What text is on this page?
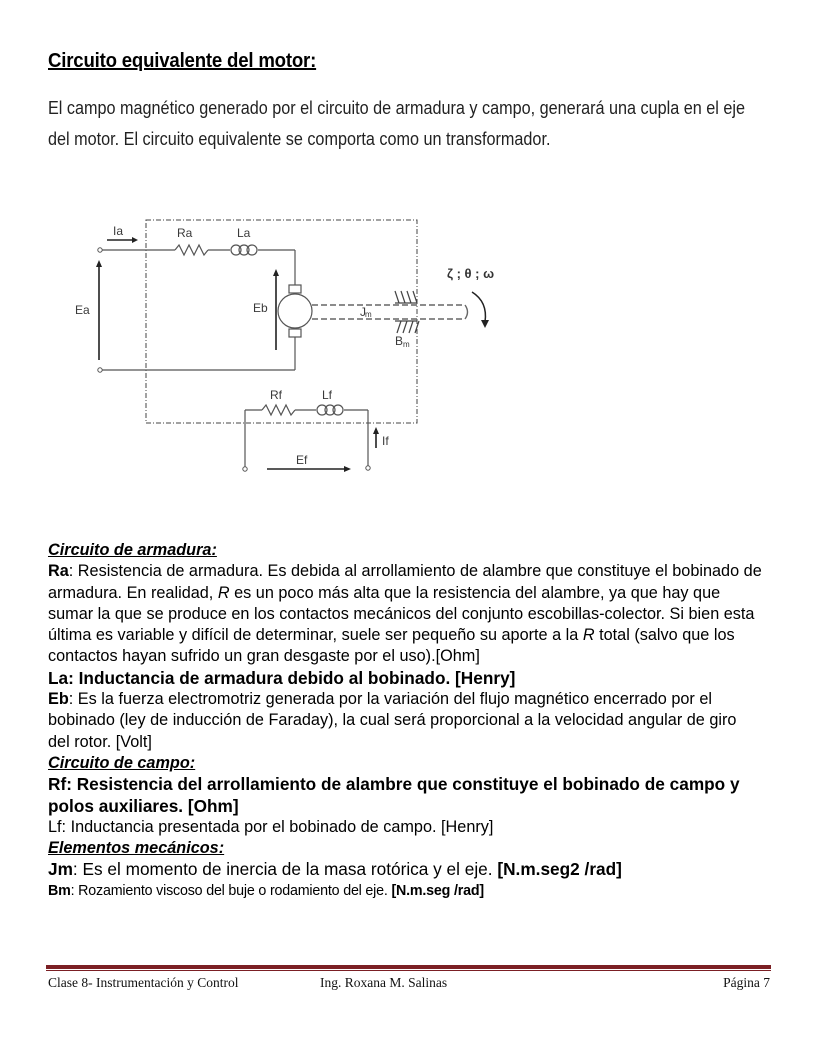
Circuito equivalente del motor:
El campo magnético generado por el circuito de armadura y campo, generará una cupla en el eje del motor. El circuito equivalente se comporta como un transformador.
Ia	Ra	La
Ea	Eb	J m
B m
ζ ; θ ; ω
Rf	Lf
If
Ef

Circuito de armadura:

Ra: Resistencia de armadura. Es debida al arrollamiento de alambre que constituye el bobinado de armadura. En realidad, R es un poco más alta que la resistencia del alambre, ya que hay que sumar la que se produce en los contactos mecánicos del conjunto escobillas-colector. Si bien esta última es variable y difícil de determinar, suele ser pequeño su aporte a la R total (salvo que los contactos hayan sufrido un gran desgaste por el uso).[Ohm]

La: Inductancia de armadura debido al bobinado. [Henry]

Eb: Es la fuerza electromotriz generada por la variación del flujo magnético encerrado por el bobinado (ley de inducción de Faraday), la cual será proporcional a la velocidad angular de giro del rotor. [Volt]

Circuito de campo:

Rf: Resistencia del arrollamiento de alambre que constituye el bobinado de campo y polos auxiliares. [Ohm]

Lf: Inductancia presentada por el bobinado de campo. [Henry]

Elementos mecánicos:

Jm: Es el momento de inercia de la masa rotórica y el eje. [N.m.seg2 /rad]

Bm: Rozamiento viscoso del buje o rodamiento del eje. [N.m.seg /rad]

Clase 8- Instrumentación y Control	Ing. Roxana M. Salinas	Página 7
